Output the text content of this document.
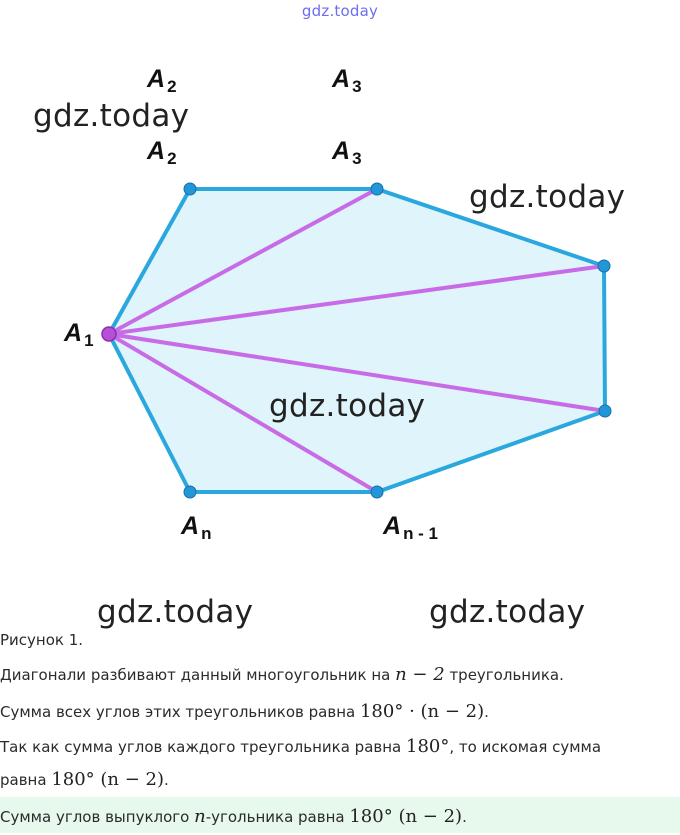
gdz.today
A $_2$	A $_3$
gdz.today
A $_2$	A $_3$
gdz.today
A $_1$
gdz.today
A $_n$	A $_{n - 1}$
gdz.today	gdz.today
Рисунок 1.
Диагонали разбивают данный многоугольник на n − 2 треугольника.
Сумма всех углов этих треугольников равна 180° · (n − 2).
Так как сумма углов каждого треугольника равна 180°, то искомая сумма
равна 180° (n − 2).
Сумма углов выпуклого n-угольника равна 180° (n − 2).
